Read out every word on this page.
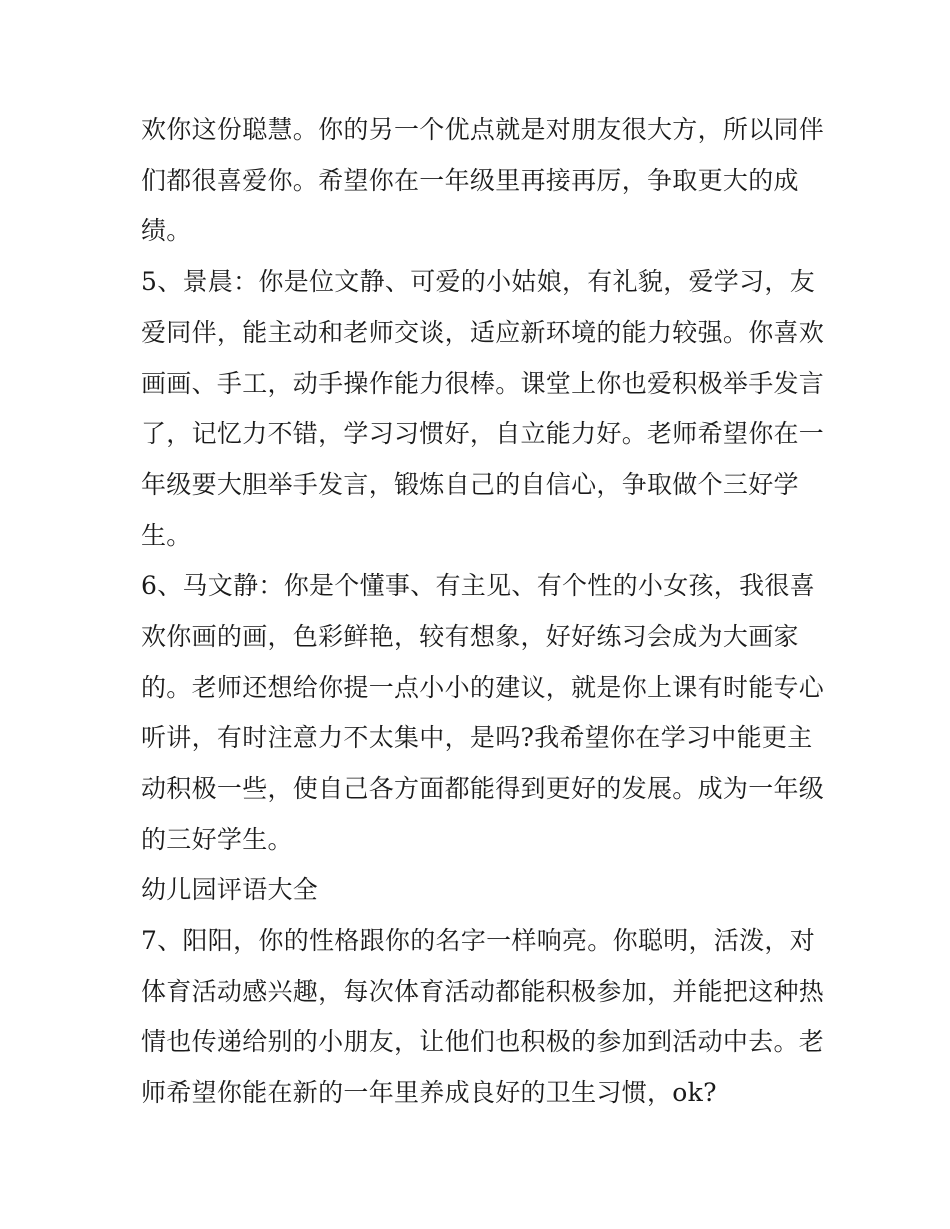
欢你这份聪慧。你的另一个优点就是对朋友很大方，所以同伴
们都很喜爱你。希望你在一年级里再接再厉，争取更大的成
绩。
5、景晨：你是位文静、可爱的小姑娘，有礼貌，爱学习，友
爱同伴，能主动和老师交谈，适应新环境的能力较强。你喜欢
画画、手工，动手操作能力很棒。课堂上你也爱积极举手发言
了，记忆力不错，学习习惯好，自立能力好。老师希望你在一
年级要大胆举手发言，锻炼自己的自信心，争取做个三好学
生。
6、马文静：你是个懂事、有主见、有个性的小女孩，我很喜
欢你画的画，色彩鲜艳，较有想象，好好练习会成为大画家
的。老师还想给你提一点小小的建议，就是你上课有时能专心
听讲，有时注意力不太集中，是吗?我希望你在学习中能更主
动积极一些，使自己各方面都能得到更好的发展。成为一年级
的三好学生。
幼儿园评语大全
7、阳阳，你的性格跟你的名字一样响亮。你聪明，活泼，对
体育活动感兴趣，每次体育活动都能积极参加，并能把这种热
情也传递给别的小朋友，让他们也积极的参加到活动中去。老
师希望你能在新的一年里养成良好的卫生习惯，ok?
